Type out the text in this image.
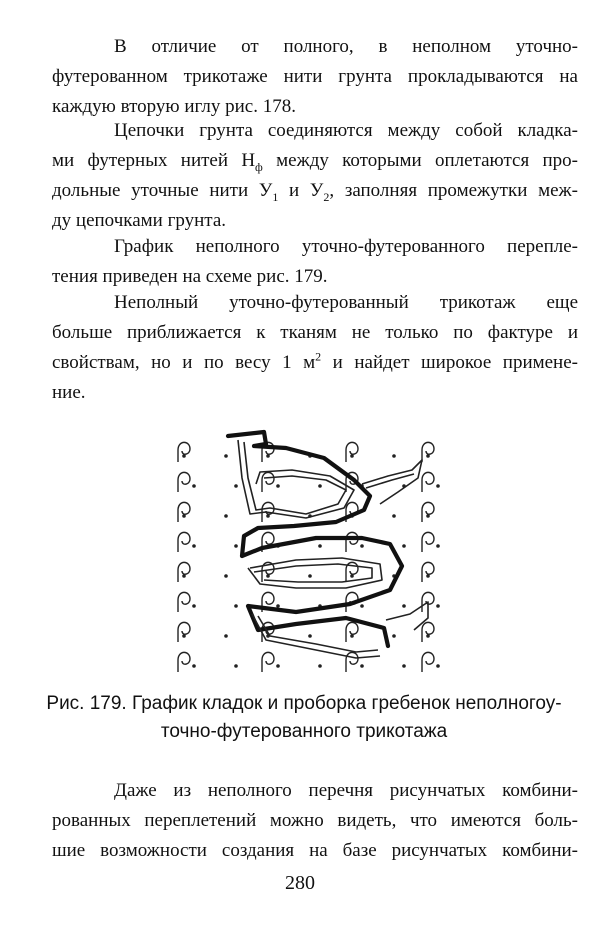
В отличие от полного, в неполном уточно-
футерованном трикотаже нити грунта прокладываются на
каждую вторую иглу рис. 178.

Цепочки грунта соединяются между собой кладка-
ми футерных нитей $Н_ф$ между которыми оплетаются про-
дольные уточные нити $У_1$ и $У_2$, заполняя промежутки меж-
ду цепочками грунта.

График неполного уточно-футерованного перепле-
тения приведен на схеме рис. 179.

Неполный уточно-футерованный трикотаж еще
больше приближается к тканям не только по фактуре и
свойствам, но и по весу 1 $м^2$ и найдет широкое примене-
ние.

Рис. 179. График кладок и проборка гребенок неполногоу-
точно-футерованного трикотажа

Даже из неполного перечня рисунчатых комбини-
рованных переплетений можно видеть, что имеются боль-
шие возможности создания на базе рисунчатых комбини-

280
